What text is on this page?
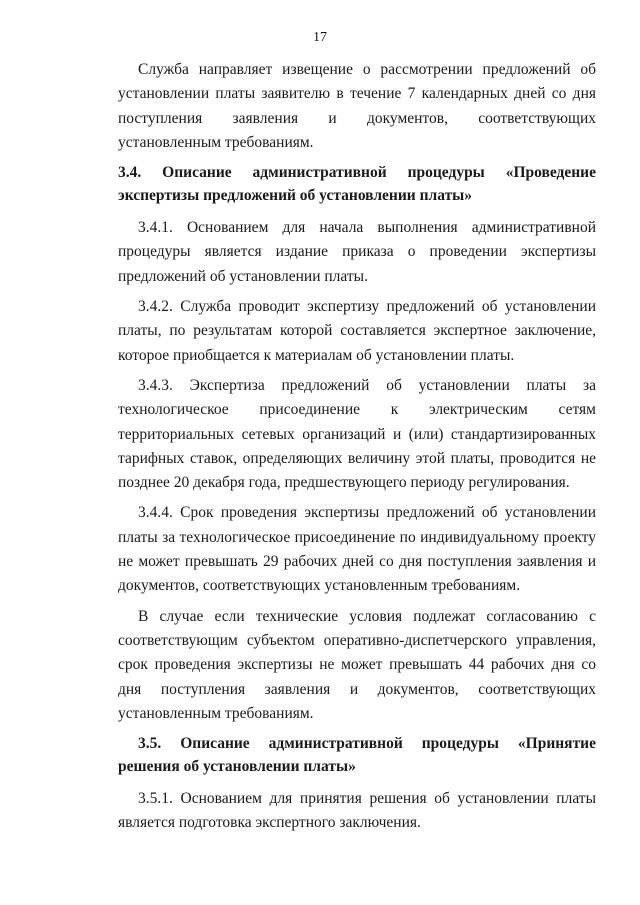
17

Служба направляет извещение о рассмотрении предложений об установлении платы заявителю в течение 7 календарных дней со дня поступления заявления и документов, соответствующих установленным требованиям.

3.4. Описание административной процедуры «Проведение экспертизы предложений об установлении платы»

3.4.1. Основанием для начала выполнения административной процедуры является издание приказа о проведении экспертизы предложений об установлении платы.

3.4.2. Служба проводит экспертизу предложений об установлении платы, по результатам которой составляется экспертное заключение, которое приобщается к материалам об установлении платы.

3.4.3. Экспертиза предложений об установлении платы за технологическое присоединение к электрическим сетям территориальных сетевых организаций и (или) стандартизированных тарифных ставок, определяющих величину этой платы, проводится не позднее 20 декабря года, предшествующего периоду регулирования.

3.4.4. Срок проведения экспертизы предложений об установлении платы за технологическое присоединение по индивидуальному проекту не может превышать 29 рабочих дней со дня поступления заявления и документов, соответствующих установленным требованиям.

В случае если технические условия подлежат согласованию с соответствующим субъектом оперативно-диспетчерского управления, срок проведения экспертизы не может превышать 44 рабочих дня со дня поступления заявления и документов, соответствующих установленным требованиям.

3.5. Описание административной процедуры «Принятие решения об установлении платы»

3.5.1. Основанием для принятия решения об установлении платы является подготовка экспертного заключения.
